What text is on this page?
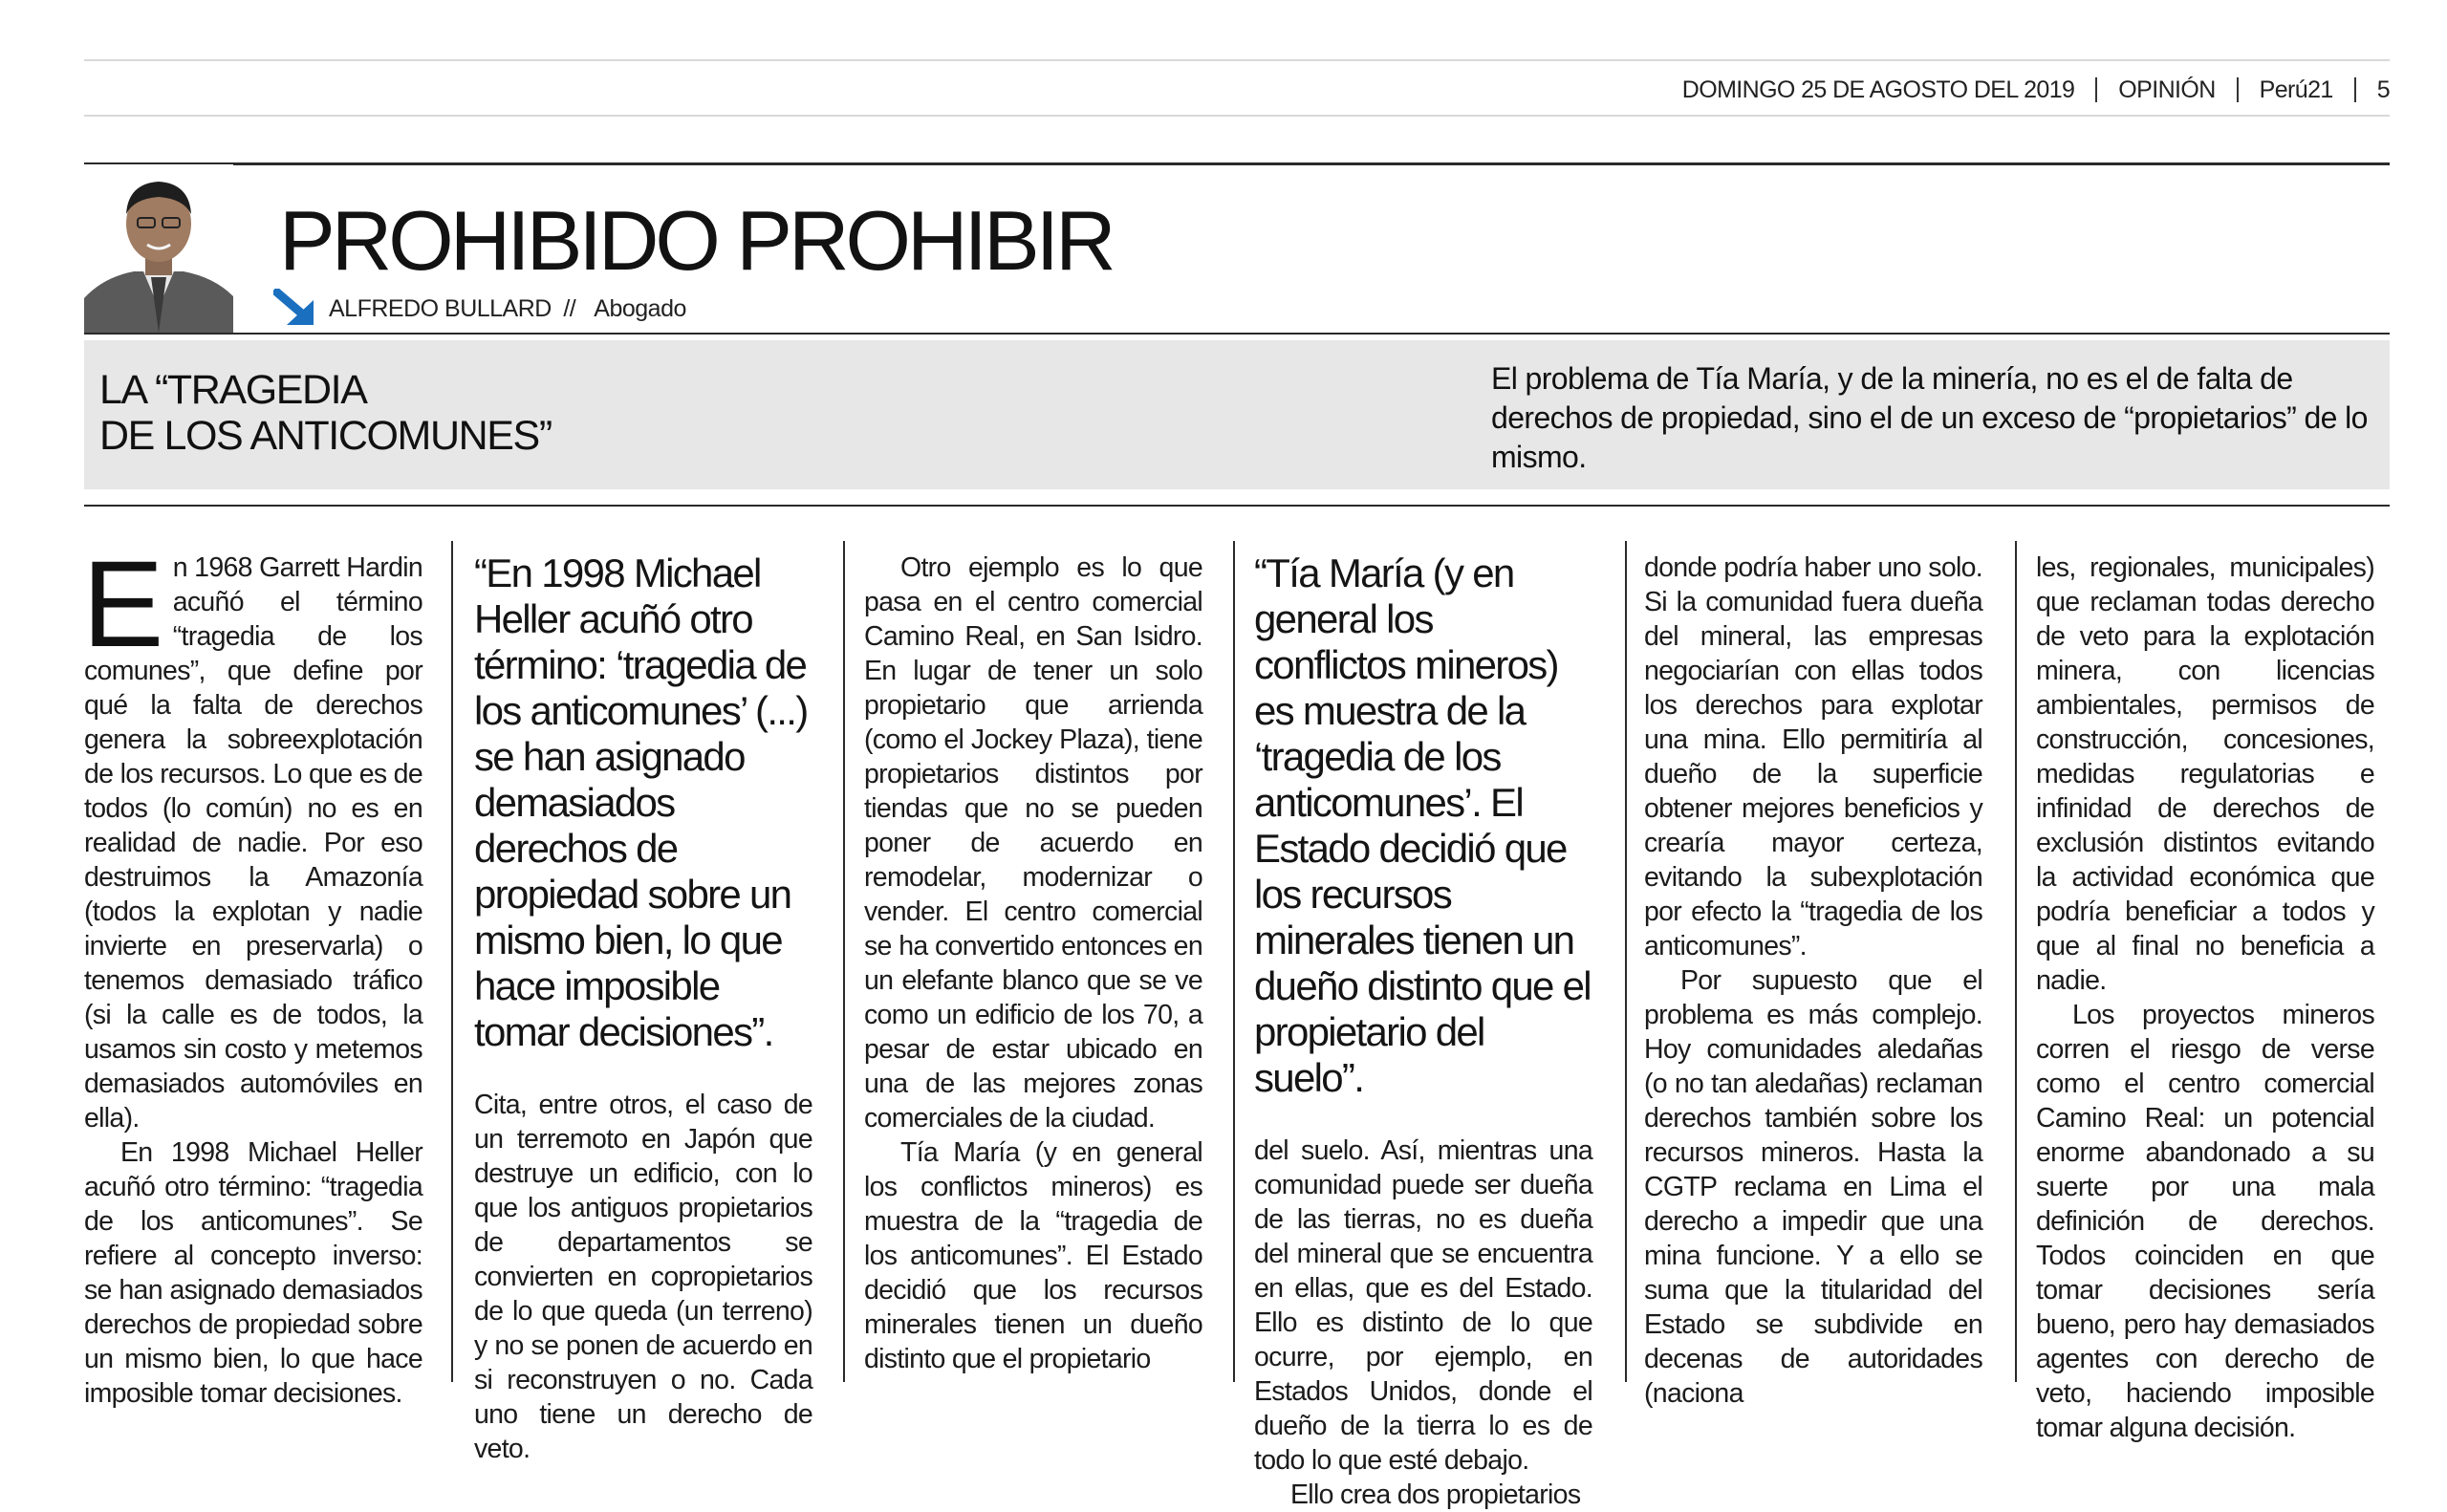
DOMINGO 25 DE AGOSTO DEL 2019 OPINIÓN Perú21 5
PROHIBIDO PROHIBIR
ALFREDO BULLARD // Abogado
LA “TRAGEDIA
DE LOS ANTICOMUNES”
El problema de Tía María, y de la minería, no es el de falta de derechos de propiedad, sino el de un exceso de “propietarios” de lo mismo.

En 1968 Garrett Hardin acuñó el término “tragedia de los comunes”, que define por qué la falta de derechos genera la sobreexplotación de los recursos. Lo que es de todos (lo común) no es en realidad de nadie. Por eso destruimos la Amazonía (todos la explotan y nadie invierte en preservarla) o tenemos demasiado tráfico (si la calle es de todos, la usamos sin costo y metemos demasiados automóviles en ella).

En 1998 Michael Heller acuñó otro término: “tragedia de los anticomunes”. Se refiere al concepto inverso: se han asignado demasiados derechos de propiedad sobre un mismo bien, lo que hace imposible tomar decisiones.

“En 1998 Michael Heller acuñó otro término: ‘tragedia de los anticomunes’ (...) se han asignado demasiados derechos de propiedad sobre un mismo bien, lo que hace imposible tomar decisiones”.

Cita, entre otros, el caso de un terremoto en Japón que destruye un edificio, con lo que los antiguos propietarios de departamentos se convierten en copropietarios de lo que queda (un terreno) y no se ponen de acuerdo en si reconstruyen o no. Cada uno tiene un derecho de veto.

Otro ejemplo es lo que pasa en el centro comercial Camino Real, en San Isidro. En lugar de tener un solo propietario que arrienda (como el Jockey Plaza), tiene propietarios distintos por tiendas que no se pueden poner de acuerdo en remodelar, modernizar o vender. El centro comercial se ha convertido entonces en un elefante blanco que se ve como un edificio de los 70, a pesar de estar ubicado en una de las mejores zonas comerciales de la ciudad.

Tía María (y en general los conflictos mineros) es muestra de la “tragedia de los anticomunes”. El Estado decidió que los recursos minerales tienen un dueño distinto que el propietario

“Tía María (y en general los conflictos mineros) es muestra de la ‘tragedia de los anticomunes’. El Estado decidió que los recursos minerales tienen un dueño distinto que el propietario del suelo”.

del suelo. Así, mientras una comunidad puede ser dueña de las tierras, no es dueña del mineral que se encuentra en ellas, que es del Estado. Ello es distinto de lo que ocurre, por ejemplo, en Estados Unidos, donde el dueño de la tierra lo es de todo lo que esté debajo.

Ello crea dos propietarios

donde podría haber uno solo. Si la comunidad fuera dueña del mineral, las empresas negociarían con ellas todos los derechos para explotar una mina. Ello permitiría al dueño de la superficie obtener mejores beneficios y crearía mayor certeza, evitando la subexplotación por efecto la “tragedia de los anticomunes”.

Por supuesto que el problema es más complejo. Hoy comunidades aledañas (o no tan aledañas) reclaman derechos también sobre los recursos mineros. Hasta la CGTP reclama en Lima el derecho a impedir que una mina funcione. Y a ello se suma que la titularidad del Estado se subdivide en decenas de autoridades (naciona

les, regionales, municipales) que reclaman todas derecho de veto para la explotación minera, con licencias ambientales, permisos de construcción, concesiones, medidas regulatorias e infinidad de derechos de exclusión distintos evitando la actividad económica que podría beneficiar a todos y que al final no beneficia a nadie.

Los proyectos mineros corren el riesgo de verse como el centro comercial Camino Real: un potencial enorme abandonado a su suerte por una mala definición de derechos. Todos coinciden en que tomar decisiones sería bueno, pero hay demasiados agentes con derecho de veto, haciendo imposible tomar alguna decisión.
